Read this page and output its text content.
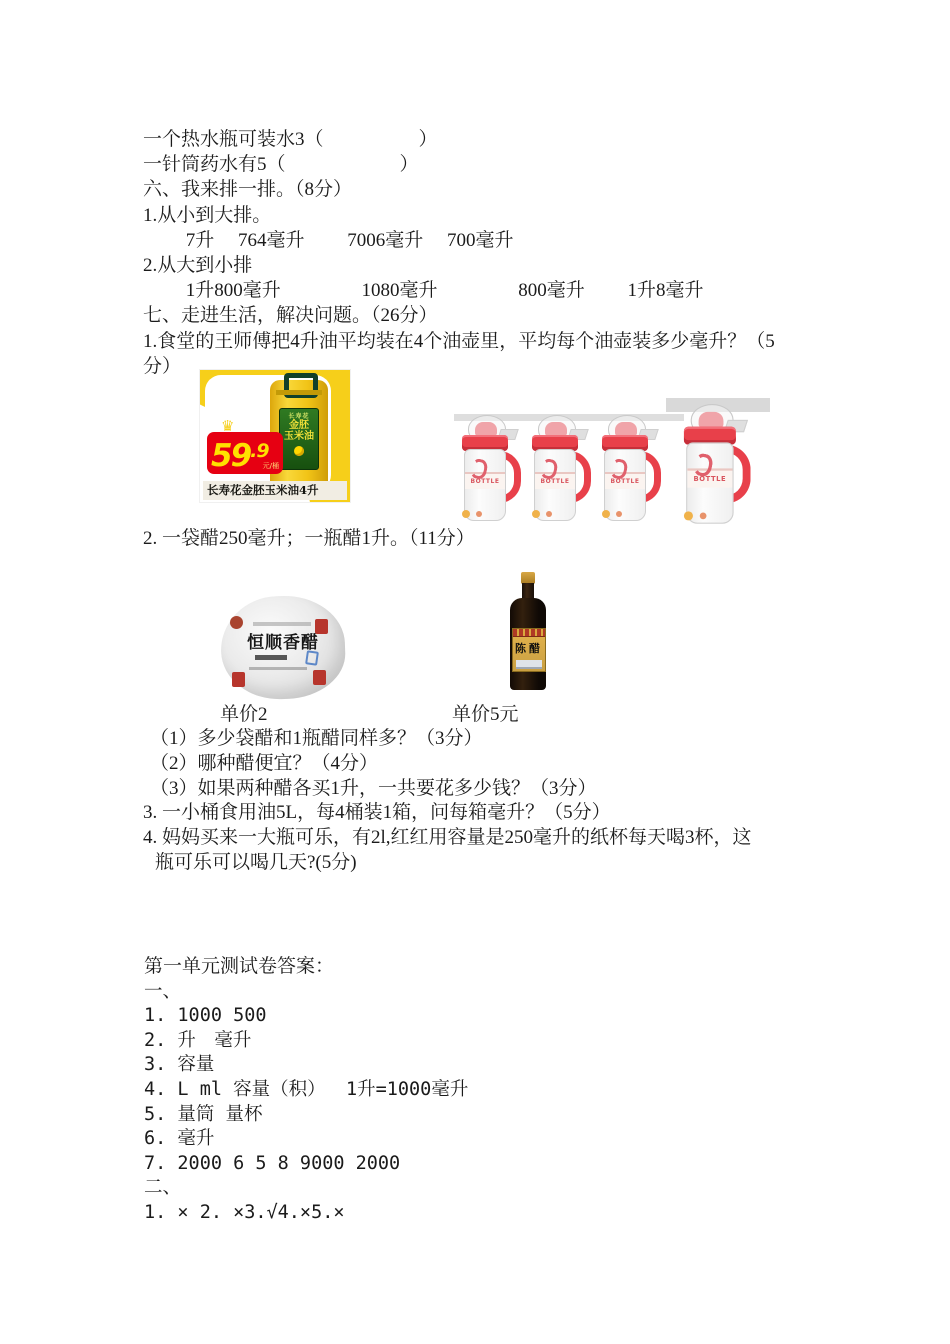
一个热水瓶可装水3（　　　　　）
一针筒药水有5（　　　　　　）
六、我来排一排。（8分）
1.从小到大排。
　　 7升　 764毫升　　 7006毫升　 700毫升
2.从大到小排
　　 1升800毫升　　　　 1080毫升　　　　 800毫升　　 1升8毫升
七、走进生活，解决问题。（26分）
1.食堂的王师傅把4升油平均装在4个油壶里，平均每个油壶装多少毫升？（5
分）
长寿花
金胚
玉米油
♛
$59^{.9}$
元/桶
长寿花金胚玉米油4升
BOTTLE	BOTTLE	BOTTLE	BOTTLE
2. 一袋醋250毫升；一瓶醋1升。（11分）
恒顺香醋	陈醋
单价2	单价5元
（1）多少袋醋和1瓶醋同样多？（3分）
（2）哪种醋便宜？（4分）
（3）如果两种醋各买1升，一共要花多少钱？（3分）
3. 一小桶食用油5L，每4桶装1箱，问每箱毫升？（5分）
4. 妈妈买来一大瓶可乐，有2l,红红用容量是250毫升的纸杯每天喝3杯，这
瓶可乐可以喝几天?(5分)
第一单元测试卷答案：
一、
1. 1000 500
2. 升　毫升
3. 容量
4. L ml 容量（积）　 1升=1000毫升
5. 量筒 量杯
6. 毫升
7. 2000 6 5 8 9000 2000
二、
1. × 2. ×3.√4.×5.×
